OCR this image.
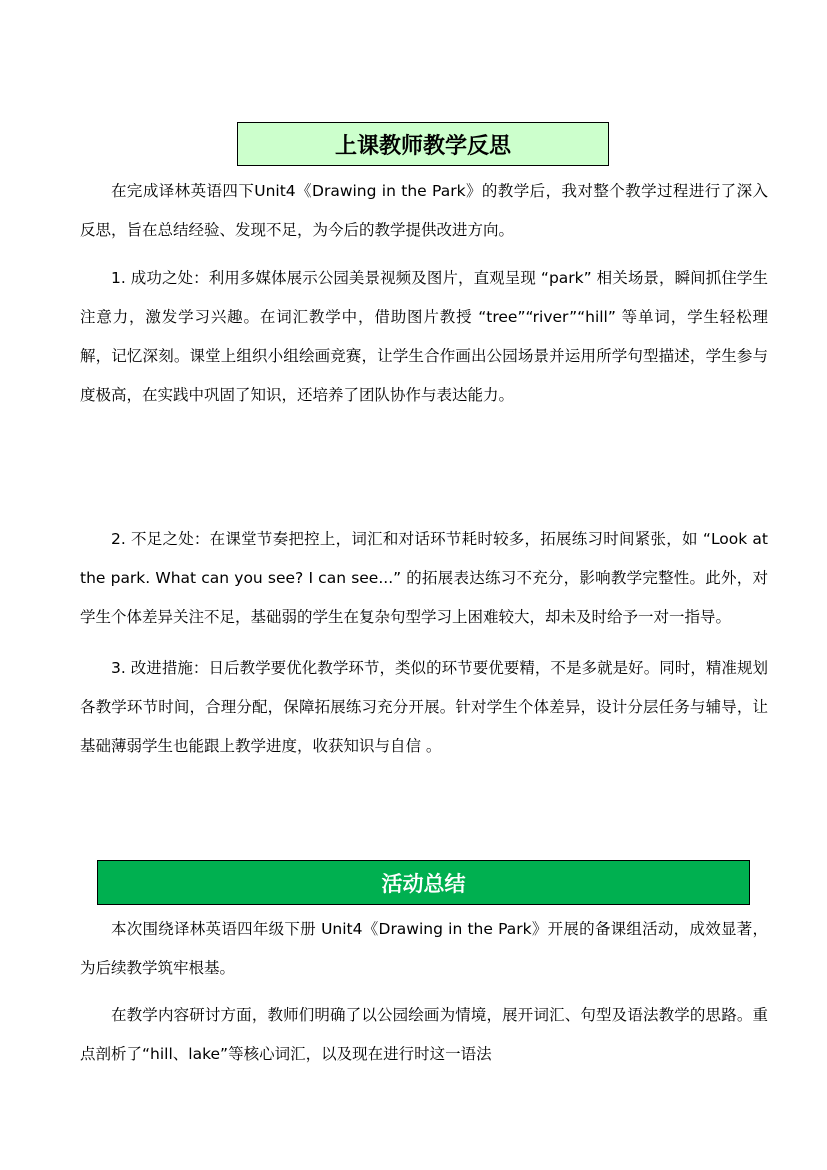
上课教师教学反思

在完成译林英语四下Unit4《Drawing in the Park》的教学后，我对整个教学过程进行了深入反思，旨在总结经验、发现不足，为今后的教学提供改进方向。

1. 成功之处：利用多媒体展示公园美景视频及图片，直观呈现 “park” 相关场景，瞬间抓住学生注意力，激发学习兴趣。在词汇教学中，借助图片教授 “tree”“river”“hill” 等单词，学生轻松理解，记忆深刻。课堂上组织小组绘画竞赛，让学生合作画出公园场景并运用所学句型描述，学生参与度极高，在实践中巩固了知识，还培养了团队协作与表达能力。

2. 不足之处：在课堂节奏把控上，词汇和对话环节耗时较多，拓展练习时间紧张，如 “Look at the park. What can you see? I can see...” 的拓展表达练习不充分，影响教学完整性。此外，对学生个体差异关注不足，基础弱的学生在复杂句型学习上困难较大，却未及时给予一对一指导。

3. 改进措施：日后教学要优化教学环节，类似的环节要优要精，不是多就是好。同时，精准规划各教学环节时间，合理分配，保障拓展练习充分开展。针对学生个体差异，设计分层任务与辅导，让基础薄弱学生也能跟上教学进度，收获知识与自信 。

活动总结

本次围绕译林英语四年级下册 Unit4《Drawing in the Park》开展的备课组活动，成效显著，为后续教学筑牢根基。

在教学内容研讨方面，教师们明确了以公园绘画为情境，展开词汇、句型及语法教学的思路。重点剖析了“hill、lake”等核心词汇，以及现在进行时这一语法
